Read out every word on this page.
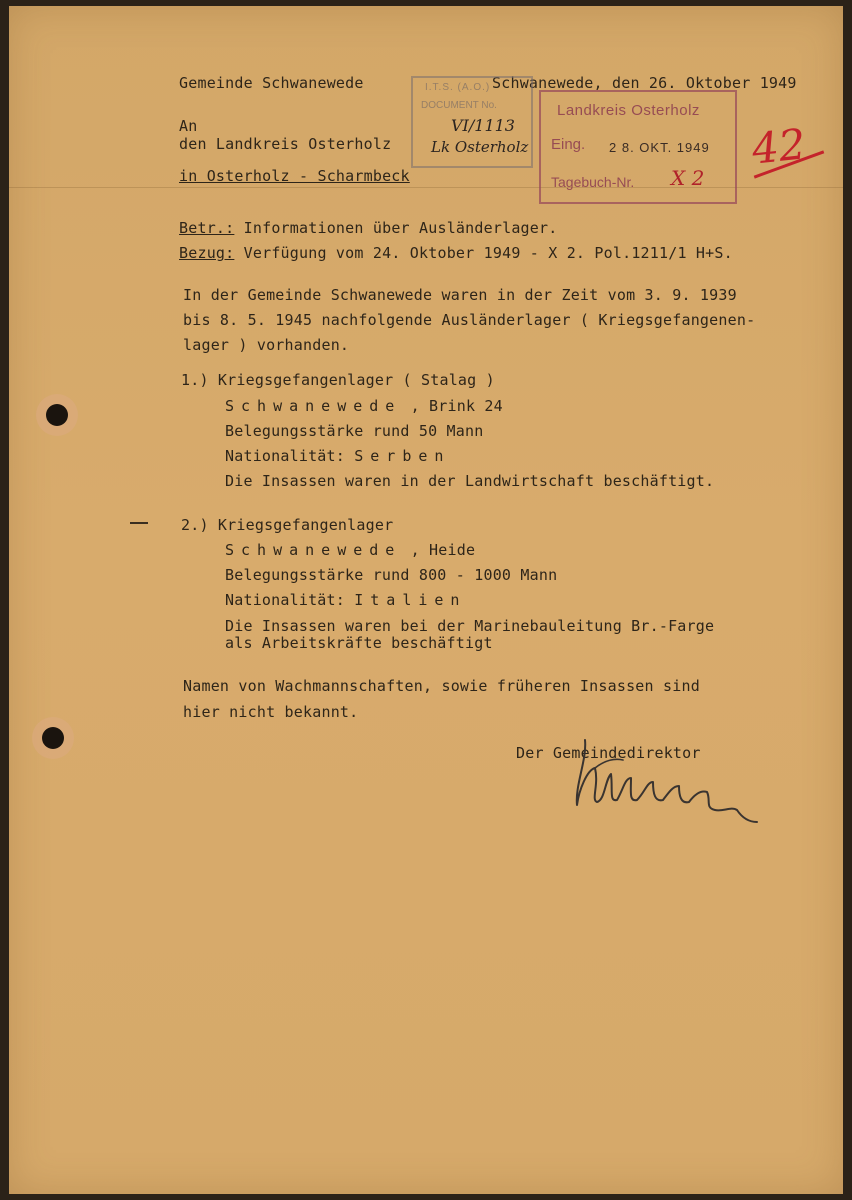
Gemeinde Schwanewede	Schwanewede, den 26. Oktober 1949
An
den Landkreis Osterholz
in Osterholz - Scharmbeck
I.T.S. (A.O.)
DOCUMENT No.
VI/1113
Lk Osterholz
Landkreis Osterholz
Eing. 2 8. OKT. 1949
Tagebuch-Nr. X 2
42
Betr.: Informationen über Ausländerlager.
Bezug: Verfügung vom 24. Oktober 1949 - X 2. Pol.1211/1 H+S.
In der Gemeinde Schwanewede waren in der Zeit vom 3. 9. 1939
bis 8. 5. 1945 nachfolgende Ausländerlager ( Kriegsgefangenen-
lager ) vorhanden.
1.) Kriegsgefangenlager ( Stalag )
Schwanewede , Brink 24
Belegungsstärke rund 50 Mann
Nationalität: Serben
Die Insassen waren in der Landwirtschaft beschäftigt.
2.) Kriegsgefangenlager
Schwanewede , Heide
Belegungsstärke rund 800 - 1000 Mann
Nationalität: Italien
Die Insassen waren bei der Marinebauleitung Br.-Farge
als Arbeitskräfte beschäftigt
Namen von Wachmannschaften, sowie früheren Insassen sind
hier nicht bekannt.
Der Gemeindedirektor
